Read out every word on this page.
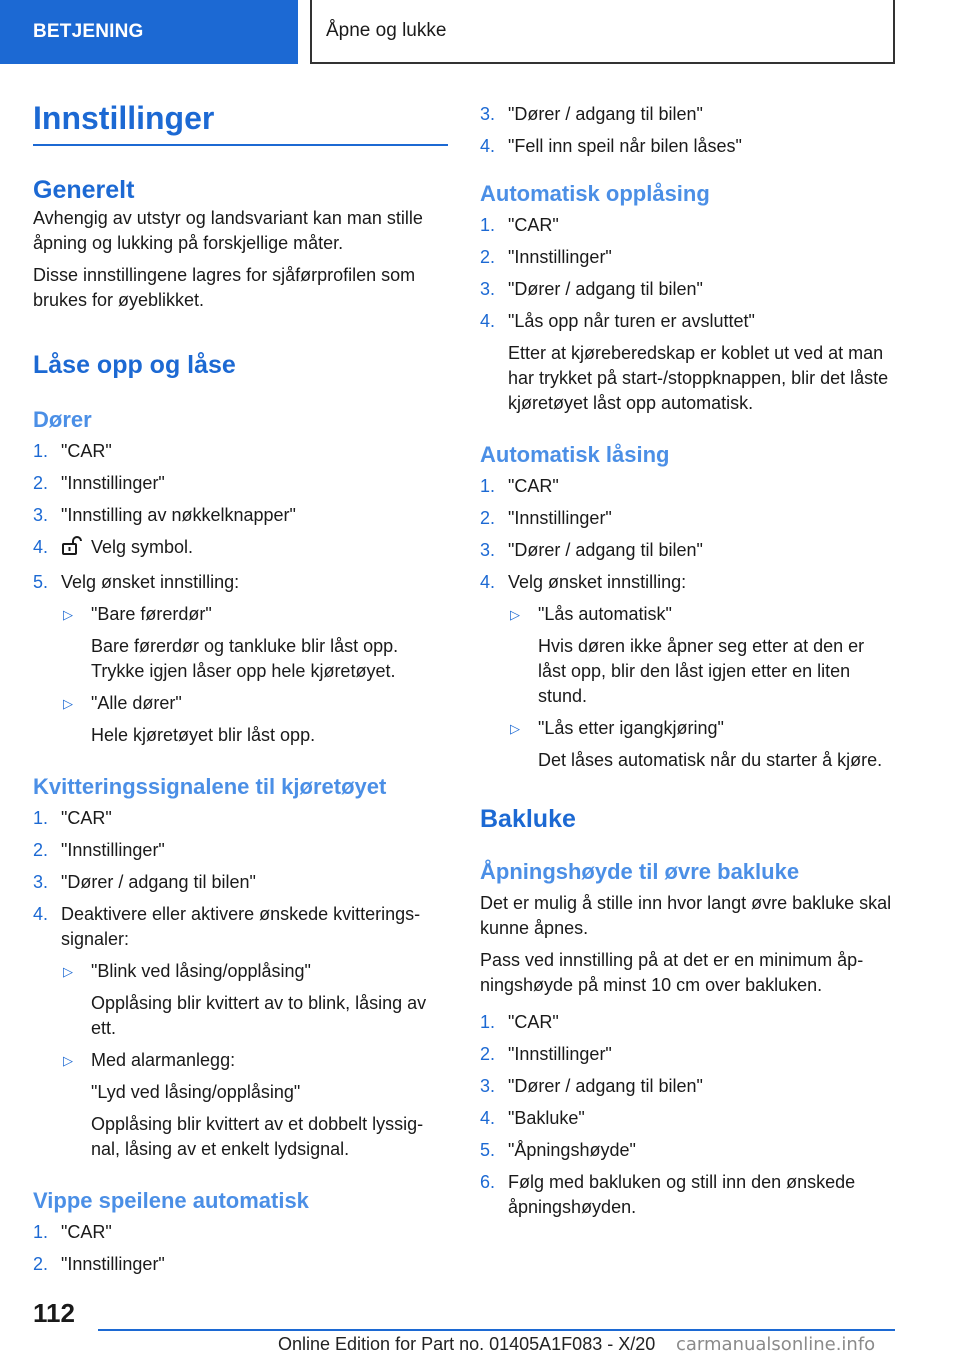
BETJENING	Åpne og lukke
Innstillinger
Generelt

Avhengig av utstyr og landsvariant kan man stille åpning og lukking på forskjellige måter.

Disse innstillingene lagres for sjåførprofilen som brukes for øyeblikket.

Låse opp og låse
Dører
1. "CAR"
2. "Innstillinger"
3. "Innstilling av nøkkelknapper"
4. Velg symbol.
5. Velg ønsket innstilling:
▷ "Bare førerdør"
Bare førerdør og tankluke blir låst opp. Trykke igjen låser opp hele kjøretøyet.
▷ "Alle dører"
Hele kjøretøyet blir låst opp.
Kvitteringssignalene til kjøretøyet
1. "CAR"
2. "Innstillinger"
3. "Dører / adgang til bilen"
4. Deaktivere eller aktivere ønskede kvitterings-signaler:
▷ "Blink ved låsing/opplåsing"
Opplåsing blir kvittert av to blink, låsing av ett.
▷ Med alarmanlegg:
"Lyd ved låsing/opplåsing"
Opplåsing blir kvittert av et dobbelt lyssig-nal, låsing av et enkelt lydsignal.
Vippe speilene automatisk
1. "CAR"
2. "Innstillinger"
3. "Dører / adgang til bilen"
4. "Fell inn speil når bilen låses"
Automatisk opplåsing
1. "CAR"
2. "Innstillinger"
3. "Dører / adgang til bilen"
4. "Lås opp når turen er avsluttet"
Etter at kjøreberedskap er koblet ut ved at man har trykket på start-/stoppknappen, blir det låste kjøretøyet låst opp automatisk.
Automatisk låsing
1. "CAR"
2. "Innstillinger"
3. "Dører / adgang til bilen"
4. Velg ønsket innstilling:
▷ "Lås automatisk"
Hvis døren ikke åpner seg etter at den er låst opp, blir den låst igjen etter en liten stund.
▷ "Lås etter igangkjøring"
Det låses automatisk når du starter å kjøre.
Bakluke
Åpningshøyde til øvre bakluke

Det er mulig å stille inn hvor langt øvre bakluke skal kunne åpnes.

Pass ved innstilling på at det er en minimum åp-ningshøyde på minst 10 cm over bakluken.

1. "CAR"
2. "Innstillinger"
3. "Dører / adgang til bilen"
4. "Bakluke"
5. "Åpningshøyde"
6. Følg med bakluken og still inn den ønskede åpningshøyden.
112
Online Edition for Part no. 01405A1F083 - X/20 carmanualsonline.info
